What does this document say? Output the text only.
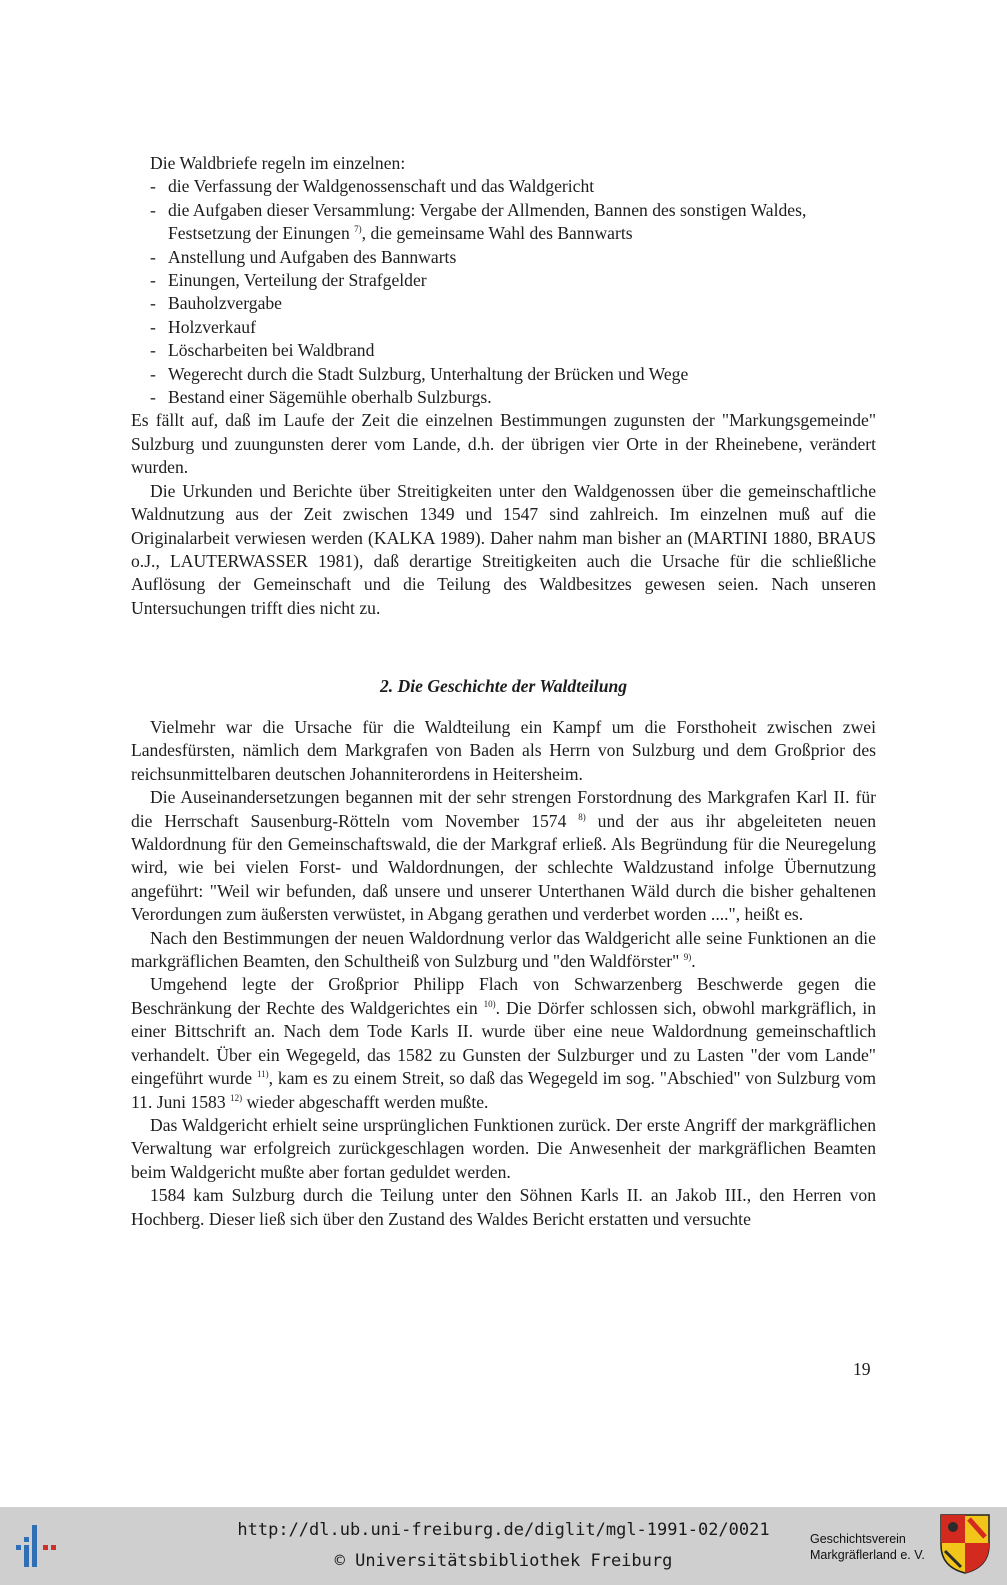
Die Waldbriefe regeln im einzelnen:

- die Verfassung der Waldgenossenschaft und das Waldgericht
- die Aufgaben dieser Versammlung: Vergabe der Allmenden, Bannen des sonstigen Waldes, Festsetzung der Einungen $^{7)}$, die gemeinsame Wahl des Bannwarts
- Anstellung und Aufgaben des Bannwarts
- Einungen, Verteilung der Strafgelder
- Bauholzvergabe
- Holzverkauf
- Löscharbeiten bei Waldbrand
- Wegerecht durch die Stadt Sulzburg, Unterhaltung der Brücken und Wege
- Bestand einer Sägemühle oberhalb Sulzburgs.

Es fällt auf, daß im Laufe der Zeit die einzelnen Bestimmungen zugunsten der "Markungsgemeinde" Sulzburg und zuungunsten derer vom Lande, d.h. der übrigen vier Orte in der Rheinebene, verändert wurden.

Die Urkunden und Berichte über Streitigkeiten unter den Waldgenossen über die gemeinschaftliche Waldnutzung aus der Zeit zwischen 1349 und 1547 sind zahlreich. Im einzelnen muß auf die Originalarbeit verwiesen werden (KALKA 1989). Daher nahm man bisher an (MARTINI 1880, BRAUS o.J., LAUTERWASSER 1981), daß derartige Streitigkeiten auch die Ursache für die schließliche Auflösung der Gemeinschaft und die Teilung des Waldbesitzes gewesen seien. Nach unseren Untersuchungen trifft dies nicht zu.

2. Die Geschichte der Waldteilung

Vielmehr war die Ursache für die Waldteilung ein Kampf um die Forsthoheit zwischen zwei Landesfürsten, nämlich dem Markgrafen von Baden als Herrn von Sulzburg und dem Großprior des reichsunmittelbaren deutschen Johanniterordens in Heitersheim.

Die Auseinandersetzungen begannen mit der sehr strengen Forstordnung des Markgrafen Karl II. für die Herrschaft Sausenburg-Rötteln vom November 1574 $^{8)}$ und der aus ihr abgeleiteten neuen Waldordnung für den Gemeinschaftswald, die der Markgraf erließ. Als Begründung für die Neuregelung wird, wie bei vielen Forst- und Waldordnungen, der schlechte Waldzustand infolge Übernutzung angeführt: "Weil wir befunden, daß unsere und unserer Unterthanen Wäld durch die bisher gehaltenen Verordungen zum äußersten verwüstet, in Abgang gerathen und verderbet worden ....", heißt es.

Nach den Bestimmungen der neuen Waldordnung verlor das Waldgericht alle seine Funktionen an die markgräflichen Beamten, den Schultheiß von Sulzburg und "den Waldförster" $^{9)}$.

Umgehend legte der Großprior Philipp Flach von Schwarzenberg Beschwerde gegen die Beschränkung der Rechte des Waldgerichtes ein $^{10)}$. Die Dörfer schlossen sich, obwohl markgräflich, in einer Bittschrift an. Nach dem Tode Karls II. wurde über eine neue Waldordnung gemeinschaftlich verhandelt. Über ein Wegegeld, das 1582 zu Gunsten der Sulzburger und zu Lasten "der vom Lande" eingeführt wurde $^{11)}$, kam es zu einem Streit, so daß das Wegegeld im sog. "Abschied" von Sulzburg vom 11. Juni 1583 $^{12)}$ wieder abgeschafft werden mußte.

Das Waldgericht erhielt seine ursprünglichen Funktionen zurück. Der erste Angriff der markgräflichen Verwaltung war erfolgreich zurückgeschlagen worden. Die Anwesenheit der markgräflichen Beamten beim Waldgericht mußte aber fortan geduldet werden.

1584 kam Sulzburg durch die Teilung unter den Söhnen Karls II. an Jakob III., den Herren von Hochberg. Dieser ließ sich über den Zustand des Waldes Bericht erstatten und versuchte

19
http://dl.ub.uni-freiburg.de/diglit/mgl-1991-02/0021
© Universitätsbibliothek Freiburg
Geschichtsverein
Markgräflerland e. V.
